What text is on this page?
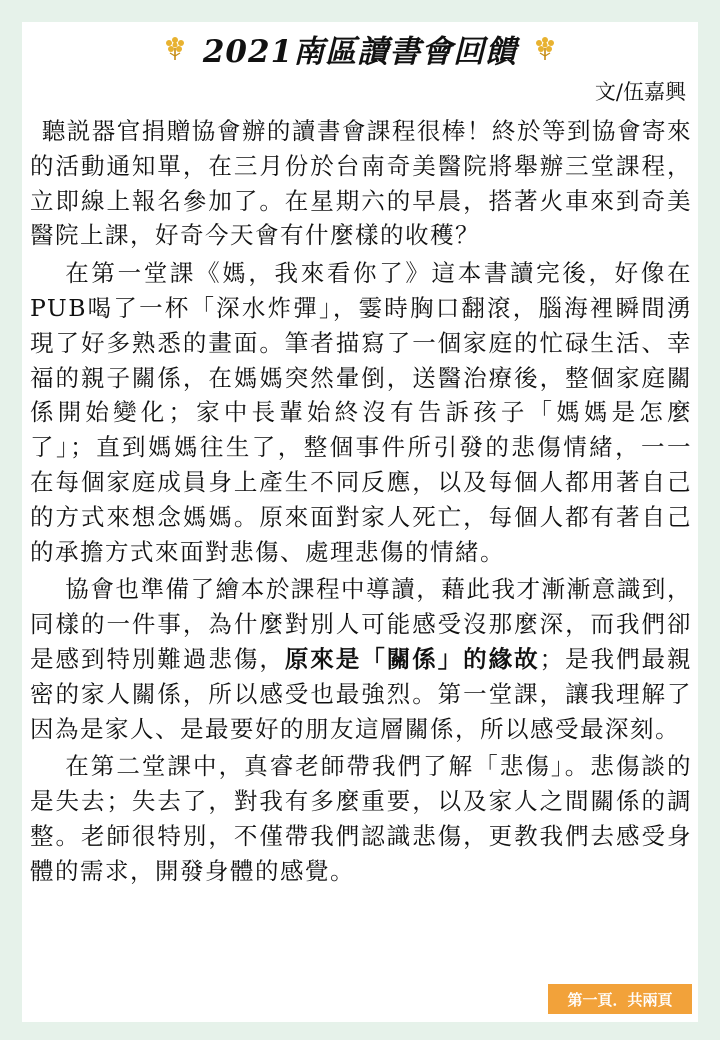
2021南區讀書會回饋
文/伍嘉興

聽説器官捐贈協會辦的讀書會課程很棒！終於等到協會寄來的活動通知單，在三月份於台南奇美醫院將舉辦三堂課程，立即線上報名參加了。在星期六的早晨，搭著火車來到奇美醫院上課，好奇今天會有什麼樣的收穫？

在第一堂課《媽，我來看你了》這本書讀完後，好像在PUB喝了一杯「深水炸彈」，霎時胸口翻滾，腦海裡瞬間湧現了好多熟悉的畫面。筆者描寫了一個家庭的忙碌生活、幸福的親子關係，在媽媽突然暈倒，送醫治療後，整個家庭關係開始變化；家中長輩始終沒有告訴孩子「媽媽是怎麼了」；直到媽媽往生了，整個事件所引發的悲傷情緒，一一在每個家庭成員身上產生不同反應，以及每個人都用著自己的方式來想念媽媽。原來面對家人死亡，每個人都有著自己的承擔方式來面對悲傷、處理悲傷的情緒。

協會也準備了繪本於課程中導讀，藉此我才漸漸意識到，同樣的一件事，為什麼對別人可能感受沒那麼深，而我們卻是感到特別難過悲傷，原來是「關係」的緣故；是我們最親密的家人關係，所以感受也最強烈。第一堂課，讓我理解了因為是家人、是最要好的朋友這層關係，所以感受最深刻。

在第二堂課中，真睿老師帶我們了解「悲傷」。悲傷談的是失去；失去了，對我有多麼重要，以及家人之間關係的調整。老師很特別，不僅帶我們認識悲傷，更教我們去感受身體的需求，開發身體的感覺。

第一頁．共兩頁
